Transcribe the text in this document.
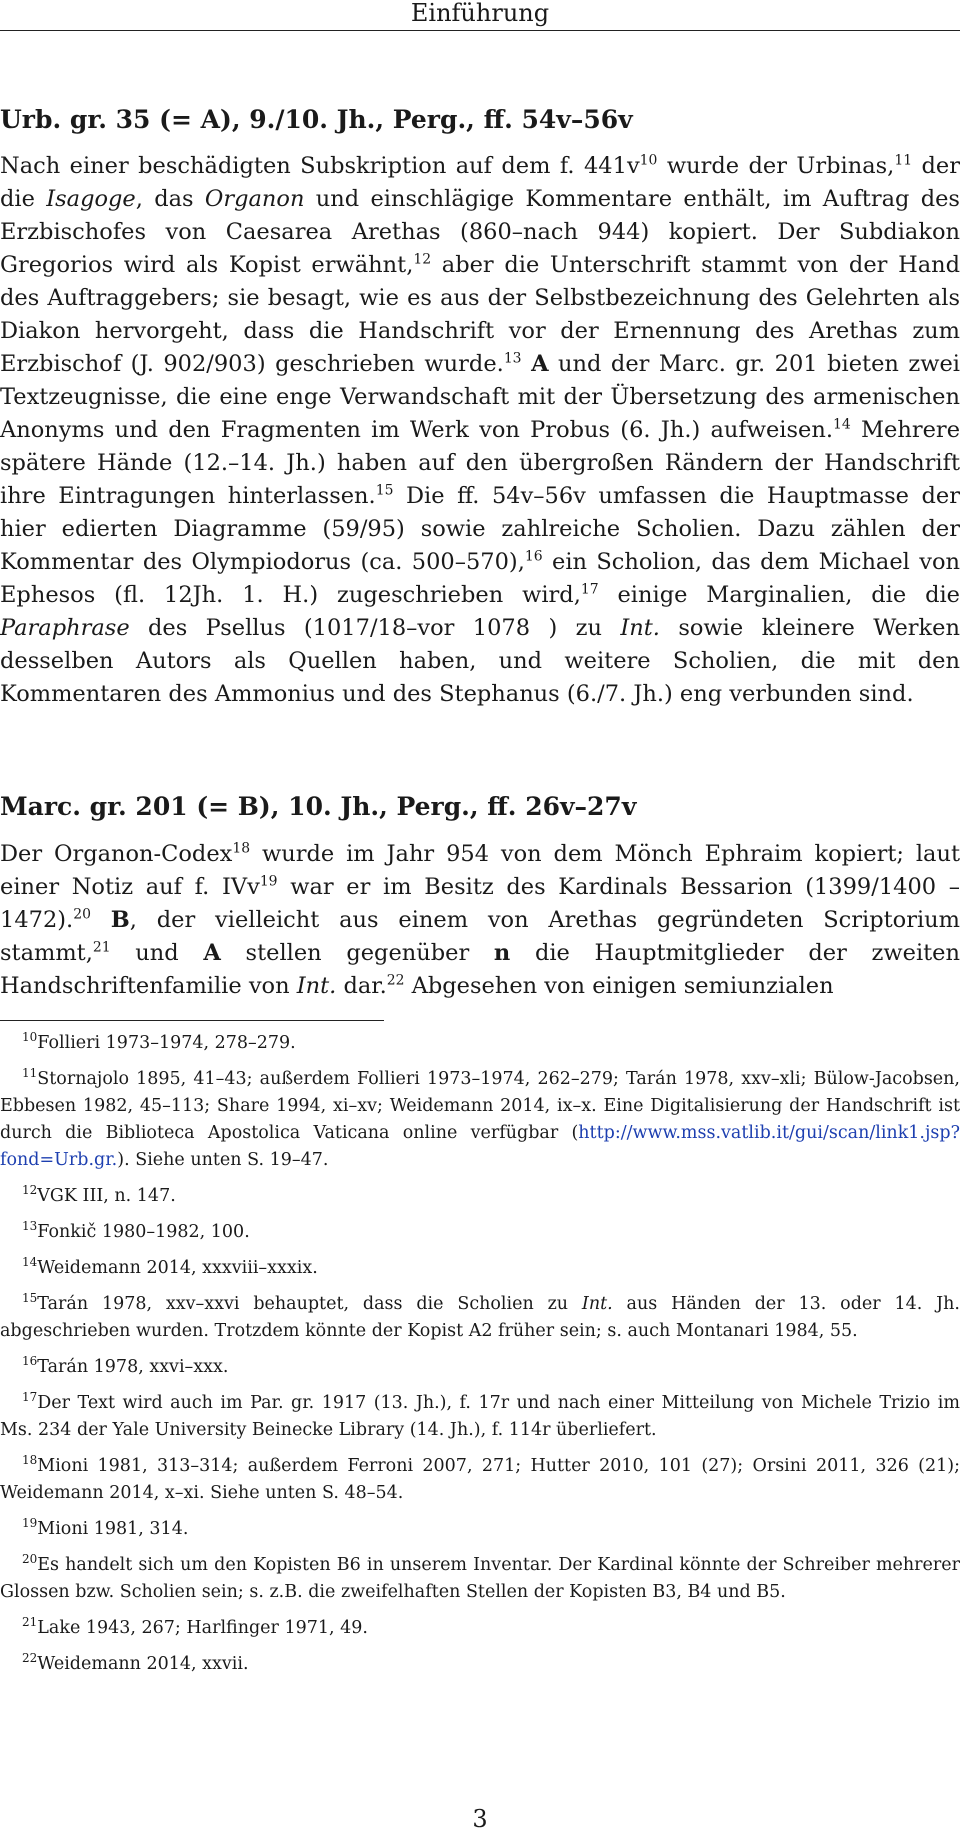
Einführung
Urb. gr. 35 (= A), 9./10. Jh., Perg., ff. 54v–56v
Nach einer beschädigten Subskription auf dem f. $441v^{10}$ wurde der Urbinas,$^{11}$ der die Isagoge, das Organon und einschlägige Kommentare enthält, im Auftrag des Erzbischofes von Caesarea Arethas (860–nach 944) kopiert. Der Subdiakon Gregorios wird als Kopist erwähnt,$^{12}$ aber die Unterschrift stammt von der Hand des Auftraggebers; sie besagt, wie es aus der Selbstbezeichnung des Gelehrten als Diakon hervorgeht, dass die Handschrift vor der Ernennung des Arethas zum Erzbischof (J. 902/903) geschrieben wurde.$^{13}$ A und der Marc. gr. 201 bieten zwei Textzeugnisse, die eine enge Verwandschaft mit der Übersetzung des armenischen Anonyms und den Fragmenten im Werk von Probus (6. Jh.) aufweisen.$^{14}$ Mehrere spätere Hände (12.–14. Jh.) haben auf den übergroßen Rändern der Handschrift ihre Eintragungen hinterlassen.$^{15}$ Die ff. 54v–56v umfassen die Hauptmasse der hier edierten Diagramme (59/95) sowie zahlreiche Scholien. Dazu zählen der Kommentar des Olympiodorus (ca. 500–570),$^{16}$ ein Scholion, das dem Michael von Ephesos (fl. 12Jh. 1. H.) zugeschrieben wird,$^{17}$ einige Marginalien, die die Paraphrase des Psellus (1017/18–vor 1078 ) zu Int. sowie kleinere Werken desselben Autors als Quellen haben, und weitere Scholien, die mit den Kommentaren des Ammonius und des Stephanus (6./7. Jh.) eng verbunden sind.
Marc. gr. 201 (= B), 10. Jh., Perg., ff. 26v–27v
Der Organon-Codex$^{18}$ wurde im Jahr 954 von dem Mönch Ephraim kopiert; laut einer Notiz auf f. IVv$^{19}$ war er im Besitz des Kardinals Bessarion (1399/1400 – 1472).$^{20}$ B, der vielleicht aus einem von Arethas gegründeten Scriptorium stammt,$^{21}$ und A stellen gegenüber n die Hauptmitglieder der zweiten Handschriftenfamilie von Int. dar.$^{22}$ Abgesehen von einigen semiunzialen
$^{10}$Follieri 1973–1974, 278–279.
$^{11}$Stornajolo 1895, 41–43; außerdem Follieri 1973–1974, 262–279; Tarán 1978, xxv–xli; Bülow-Jacobsen, Ebbesen 1982, 45–113; Share 1994, xi–xv; Weidemann 2014, ix–x. Eine Digitalisierung der Handschrift ist durch die Biblioteca Apostolica Vaticana online verfügbar (http://www.mss.vatlib.it/gui/scan/link1.jsp?fond=Urb.gr.). Siehe unten S. 19–47.
$^{12}$VGK III, n. 147.
$^{13}$Fonkič 1980–1982, 100.
$^{14}$Weidemann 2014, xxxviii–xxxix.
$^{15}$Tarán 1978, xxv–xxvi behauptet, dass die Scholien zu Int. aus Händen der 13. oder 14. Jh. abgeschrieben wurden. Trotzdem könnte der Kopist A2 früher sein; s. auch Montanari 1984, 55.
$^{16}$Tarán 1978, xxvi–xxx.
$^{17}$Der Text wird auch im Par. gr. 1917 (13. Jh.), f. 17r und nach einer Mitteilung von Michele Trizio im Ms. 234 der Yale University Beinecke Library (14. Jh.), f. 114r überliefert.
$^{18}$Mioni 1981, 313–314; außerdem Ferroni 2007, 271; Hutter 2010, 101 (27); Orsini 2011, 326 (21); Weidemann 2014, x–xi. Siehe unten S. 48–54.
$^{19}$Mioni 1981, 314.
$^{20}$Es handelt sich um den Kopisten B6 in unserem Inventar. Der Kardinal könnte der Schreiber mehrerer Glossen bzw. Scholien sein; s. z.B. die zweifelhaften Stellen der Kopisten B3, B4 und B5.
$^{21}$Lake 1943, 267; Harlfinger 1971, 49.
$^{22}$Weidemann 2014, xxvii.
3
